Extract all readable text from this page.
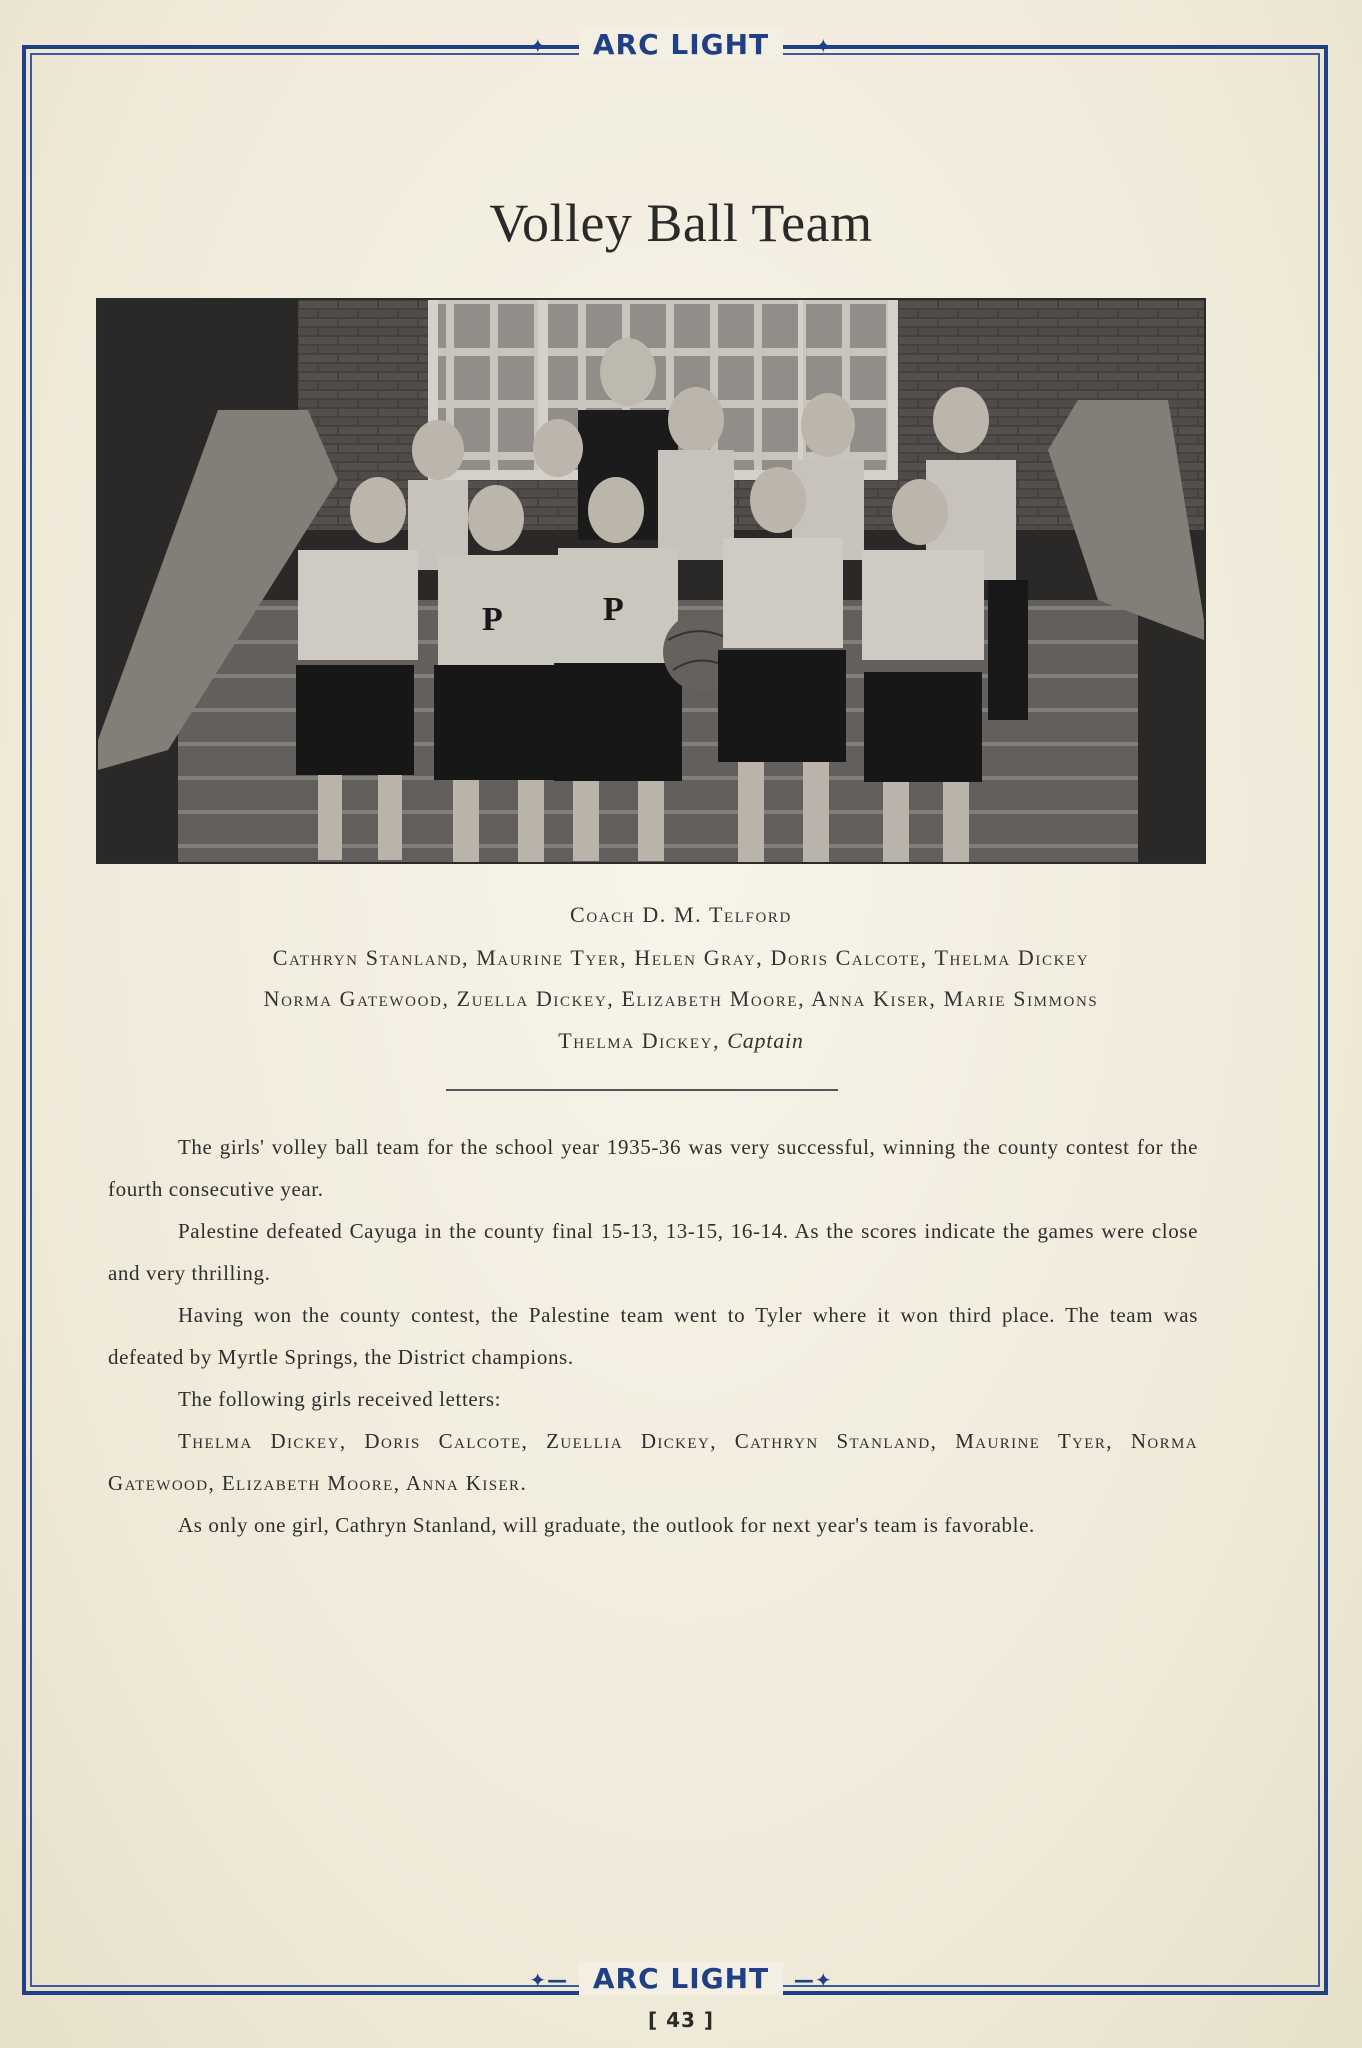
✦— ARC LIGHT —✦
Volley Ball Team
P	P
Coach D. M. Telford
Cathryn Stanland, Maurine Tyer, Helen Gray, Doris Calcote, Thelma Dickey
Norma Gatewood, Zuella Dickey, Elizabeth Moore, Anna Kiser, Marie Simmons
Thelma Dickey, Captain

The girls' volley ball team for the school year 1935-36 was very successful, winning the county contest for the fourth consecutive year.

Palestine defeated Cayuga in the county final 15-13, 13-15, 16-14. As the scores indicate the games were close and very thrilling.

Having won the county contest, the Palestine team went to Tyler where it won third place. The team was defeated by Myrtle Springs, the District champions.

The following girls received letters:

Thelma Dickey, Doris Calcote, Zuellia Dickey, Cathryn Stanland, Maurine Tyer, Norma Gatewood, Elizabeth Moore, Anna Kiser.

As only one girl, Cathryn Stanland, will graduate, the outlook for next year's team is favorable.

✦— ARC LIGHT —✦
[ 43 ]
